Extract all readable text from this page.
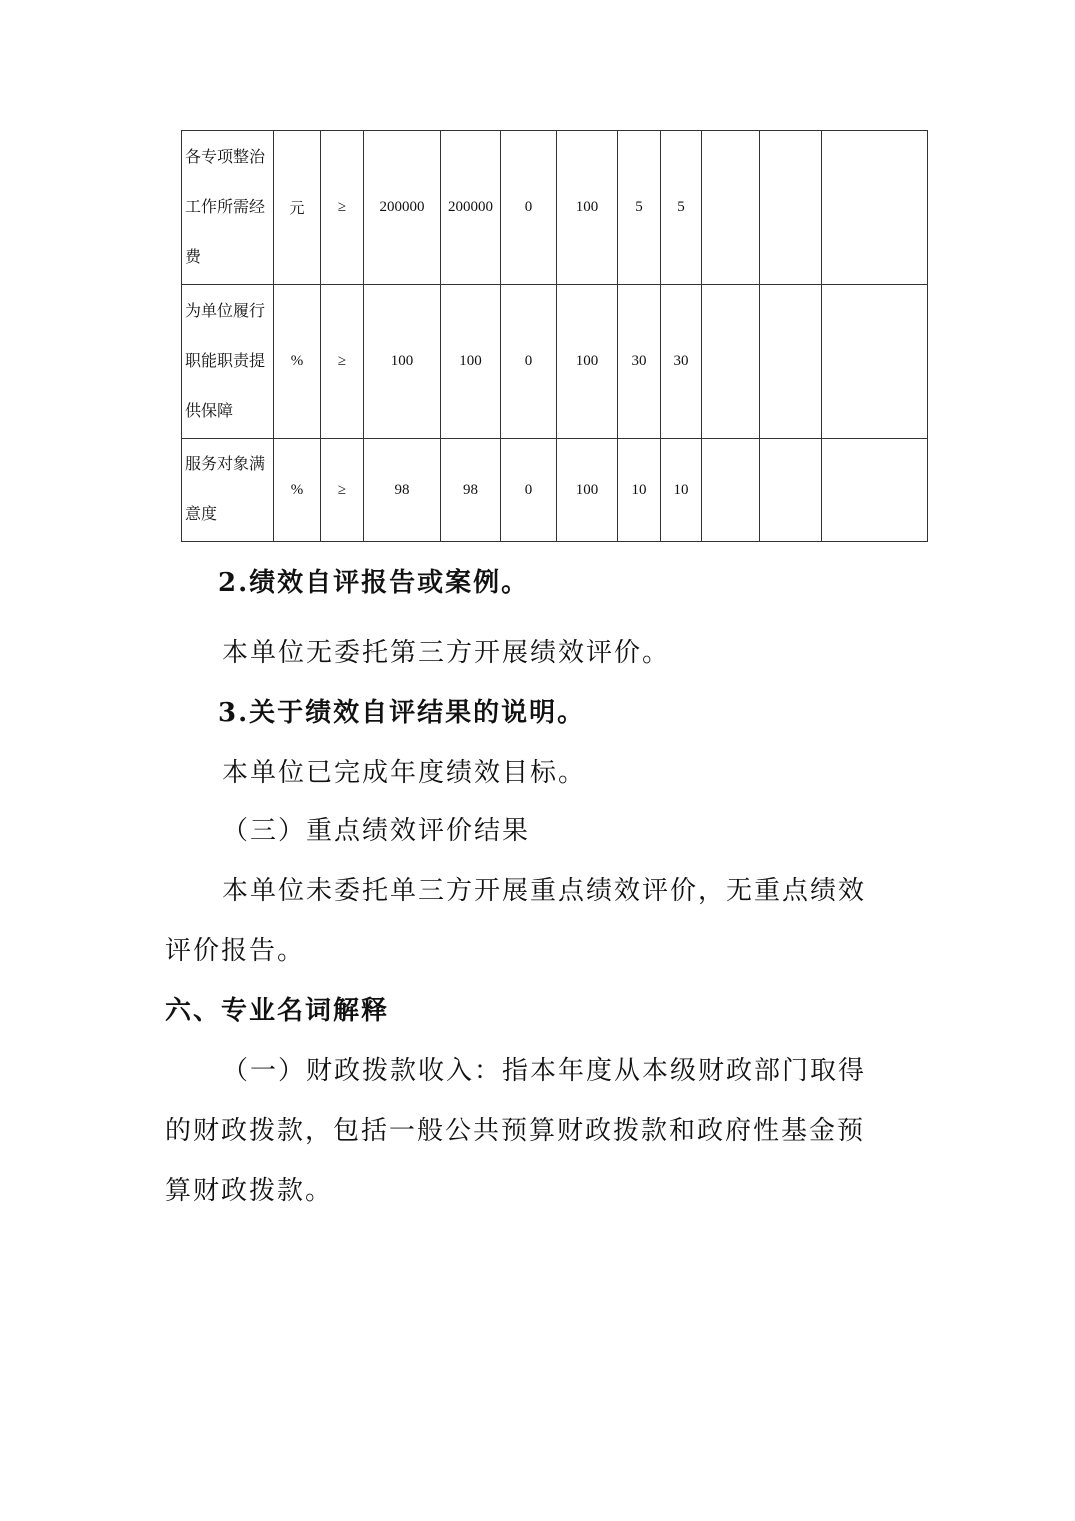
各专项整治
工作所需经
费	元	≥	200000	200000	0	100	5	5			

为单位履行
职能职责提
供保障	%	≥	100	100	0	100	30	30			

服务对象满
意度	%	≥	98	98	0	100	10	10			
2.绩效自评报告或案例。
本单位无委托第三方开展绩效评价。
3.关于绩效自评结果的说明。
本单位已完成年度绩效目标。
（三）重点绩效评价结果
本单位未委托单三方开展重点绩效评价，无重点绩效
评价报告。
六、专业名词解释
（一）财政拨款收入：指本年度从本级财政部门取得
的财政拨款，包括一般公共预算财政拨款和政府性基金预
算财政拨款。
